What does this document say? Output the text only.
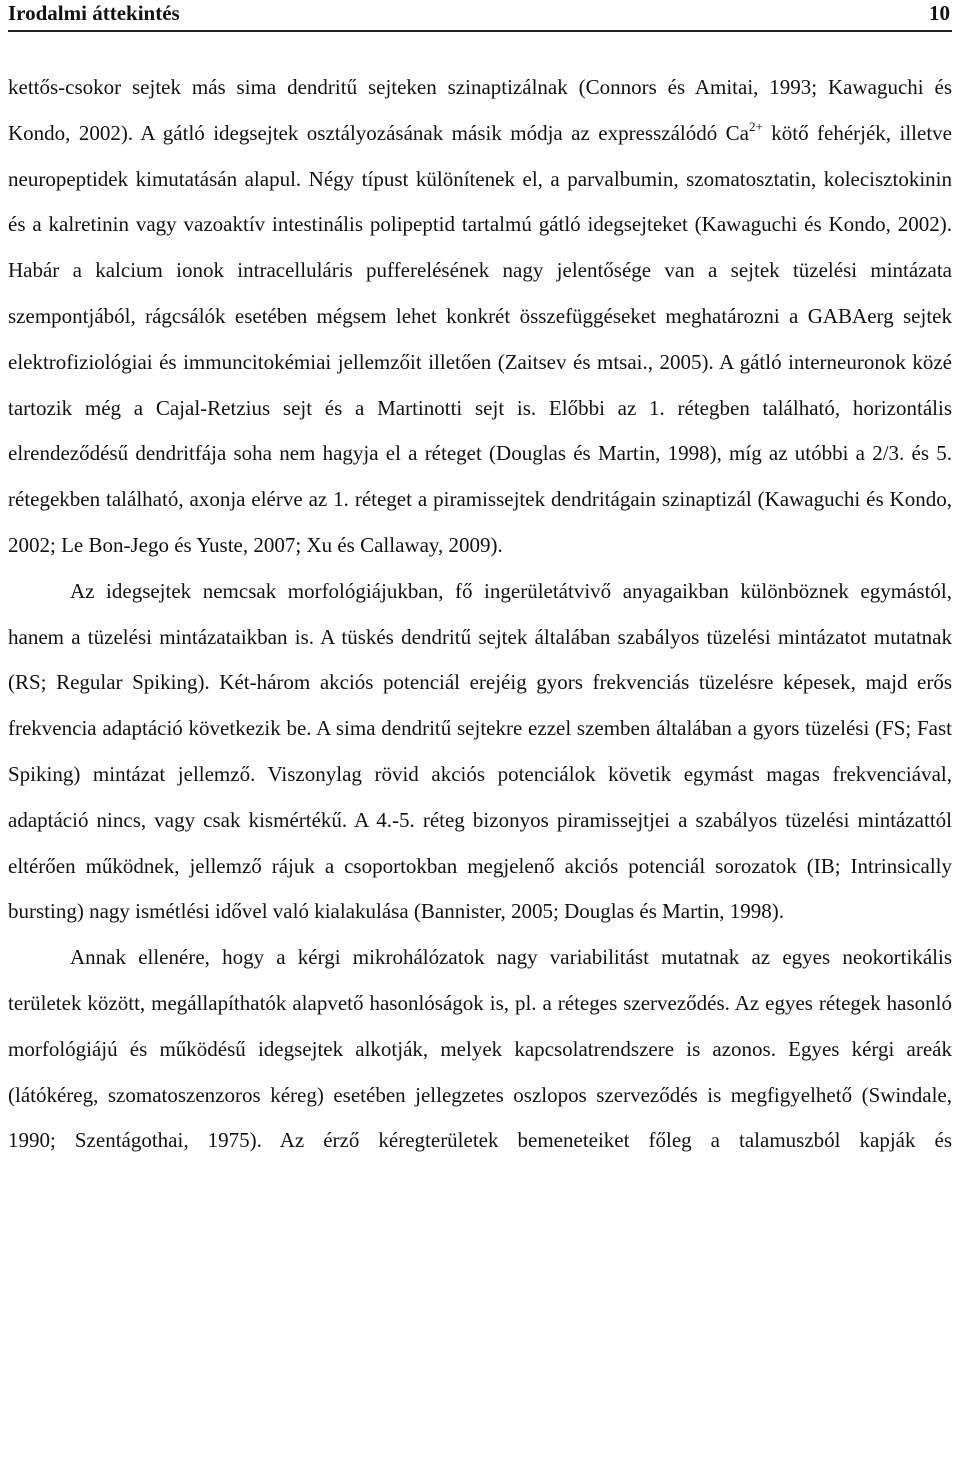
Irodalmi áttekintés	10

kettős-csokor sejtek más sima dendritű sejteken szinaptizálnak (Connors és Amitai, 1993; Kawaguchi és Kondo, 2002). A gátló idegsejtek osztályozásának másik módja az expresszálódó $Ca^{2+}$ kötő fehérjék, illetve neuropeptidek kimutatásán alapul. Négy típust különítenek el, a parvalbumin, szomatosztatin, kolecisztokinin és a kalretinin vagy vazoaktív intestinális polipeptid tartalmú gátló idegsejteket (Kawaguchi és Kondo, 2002). Habár a kalcium ionok intracelluláris pufferelésének nagy jelentősége van a sejtek tüzelési mintázata szempontjából, rágcsálók esetében mégsem lehet konkrét összefüggéseket meghatározni a GABAerg sejtek elektrofiziológiai és immuncitokémiai jellemzőit illetően (Zaitsev és mtsai., 2005). A gátló interneuronok közé tartozik még a Cajal-Retzius sejt és a Martinotti sejt is. Előbbi az 1. rétegben található, horizontális elrendeződésű dendritfája soha nem hagyja el a réteget (Douglas és Martin, 1998), míg az utóbbi a 2/3. és 5. rétegekben található, axonja elérve az 1. réteget a piramissejtek dendritágain szinaptizál (Kawaguchi és Kondo, 2002; Le Bon-Jego és Yuste, 2007; Xu és Callaway, 2009).

Az idegsejtek nemcsak morfológiájukban, fő ingerületátvivő anyagaikban különböznek egymástól, hanem a tüzelési mintázataikban is. A tüskés dendritű sejtek általában szabályos tüzelési mintázatot mutatnak (RS; Regular Spiking). Két-három akciós potenciál erejéig gyors frekvenciás tüzelésre képesek, majd erős frekvencia adaptáció következik be. A sima dendritű sejtekre ezzel szemben általában a gyors tüzelési (FS; Fast Spiking) mintázat jellemző. Viszonylag rövid akciós potenciálok követik egymást magas frekvenciával, adaptáció nincs, vagy csak kismértékű. A 4.-5. réteg bizonyos piramissejtjei a szabályos tüzelési mintázattól eltérően működnek, jellemző rájuk a csoportokban megjelenő akciós potenciál sorozatok (IB; Intrinsically bursting) nagy ismétlési idővel való kialakulása (Bannister, 2005; Douglas és Martin, 1998).

Annak ellenére, hogy a kérgi mikrohálózatok nagy variabilitást mutatnak az egyes neokortikális területek között, megállapíthatók alapvető hasonlóságok is, pl. a réteges szerveződés. Az egyes rétegek hasonló morfológiájú és működésű idegsejtek alkotják, melyek kapcsolatrendszere is azonos. Egyes kérgi areák (látókéreg, szomatoszenzoros kéreg) esetében jellegzetes oszlopos szerveződés is megfigyelhető (Swindale, 1990; Szentágothai, 1975). Az érző kéregterületek bemeneteiket főleg a talamuszból kapják és
